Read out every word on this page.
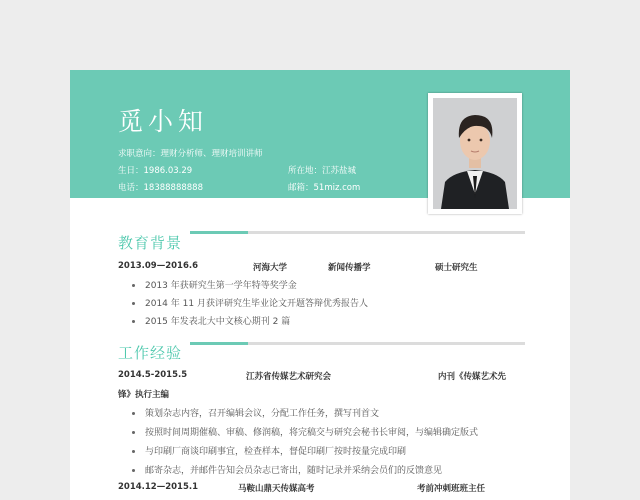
觅小知
求职意向：理财分析师、理财培训讲师
生日：1986.03.29	所在地：江苏盐城
电话：18388888888	邮箱：51miz.com
教育背景
2013.09—2016.6	河海大学	新闻传播学	硕士研究生
2013 年获研究生第一学年特等奖学金
2014 年 11 月获评研究生毕业论文开题答辩优秀报告人
2015 年发表北大中文核心期刊 2 篇
工作经验
2014.5-2015.5	江苏省传媒艺术研究会	内刊《传媒艺术先
锋》执行主编
策划杂志内容，召开编辑会议，分配工作任务，撰写刊首文
按照时间周期催稿、审稿、修润稿，将完稿交与研究会秘书长审阅，与编辑确定版式
与印刷厂商谈印刷事宜，检查样本，督促印刷厂按时按量完成印刷
邮寄杂志，并邮件告知会员杂志已寄出，随时记录并采纳会员们的反馈意见
2014.12—2015.1	马鞍山鼎天传媒高考	考前冲刺班班主任
